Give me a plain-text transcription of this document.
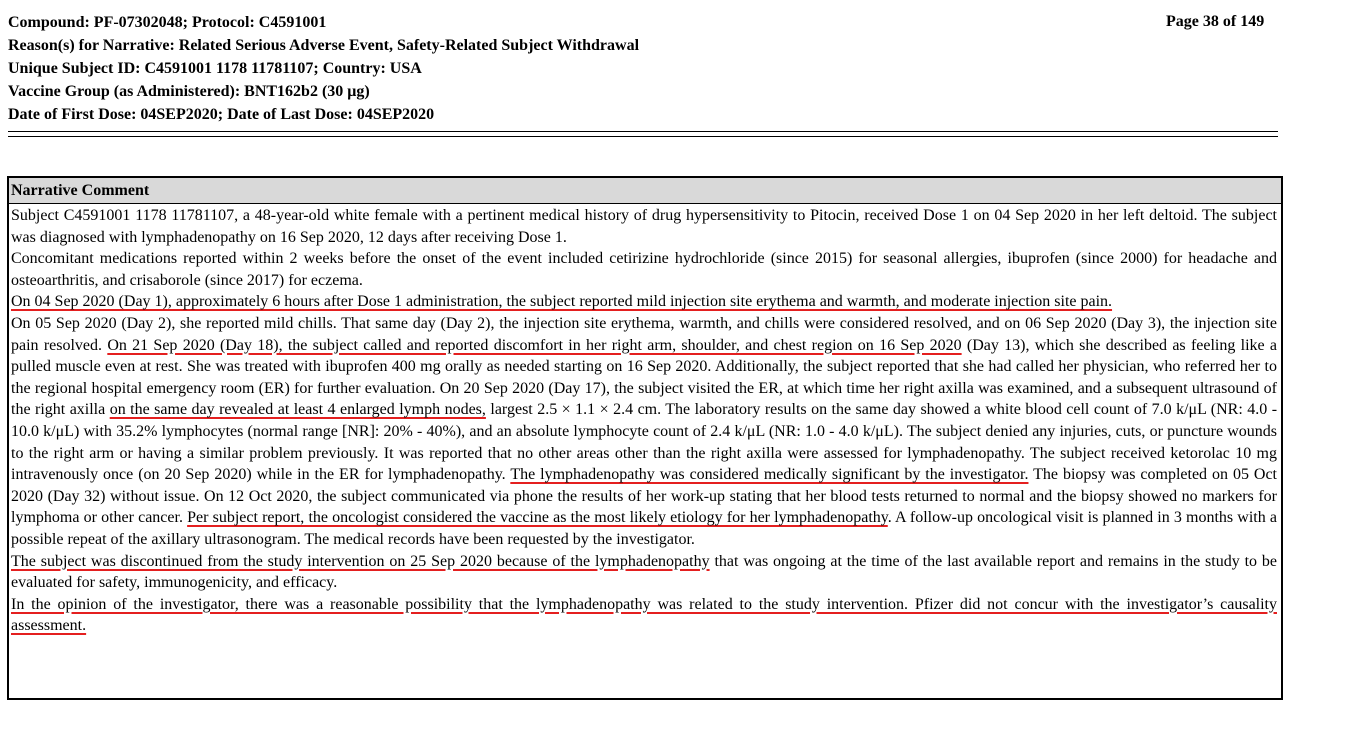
Compound: PF-07302048; Protocol: C4591001	Page 38 of 149
Reason(s) for Narrative: Related Serious Adverse Event, Safety-Related Subject Withdrawal
Unique Subject ID: C4591001 1178 11781107; Country: USA
Vaccine Group (as Administered): BNT162b2 (30 μg)
Date of First Dose: 04SEP2020; Date of Last Dose: 04SEP2020
Narrative Comment

Subject C4591001 1178 11781107, a 48-year-old white female with a pertinent medical history of drug hypersensitivity to Pitocin, received Dose 1 on 04 Sep 2020 in her left deltoid. The subject was diagnosed with lymphadenopathy on 16 Sep 2020, 12 days after receiving Dose 1.

Concomitant medications reported within 2 weeks before the onset of the event included cetirizine hydrochloride (since 2015) for seasonal allergies, ibuprofen (since 2000) for headache and osteoarthritis, and crisaborole (since 2017) for eczema.

On 04 Sep 2020 (Day 1), approximately 6 hours after Dose 1 administration, the subject reported mild injection site erythema and warmth, and moderate injection site pain.

On 05 Sep 2020 (Day 2), she reported mild chills. That same day (Day 2), the injection site erythema, warmth, and chills were considered resolved, and on 06 Sep 2020 (Day 3), the injection site pain resolved. On 21 Sep 2020 (Day 18), the subject called and reported discomfort in her right arm, shoulder, and chest region on 16 Sep 2020 (Day 13), which she described as feeling like a pulled muscle even at rest. She was treated with ibuprofen 400 mg orally as needed starting on 16 Sep 2020. Additionally, the subject reported that she had called her physician, who referred her to the regional hospital emergency room (ER) for further evaluation. On 20 Sep 2020 (Day 17), the subject visited the ER, at which time her right axilla was examined, and a subsequent ultrasound of the right axilla on the same day revealed at least 4 enlarged lymph nodes, largest 2.5 × 1.1 × 2.4 cm. The laboratory results on the same day showed a white blood cell count of 7.0 k/μL (NR: 4.0 - 10.0 k/μL) with 35.2% lymphocytes (normal range [NR]: 20% - 40%), and an absolute lymphocyte count of 2.4 k/μL (NR: 1.0 - 4.0 k/μL). The subject denied any injuries, cuts, or puncture wounds to the right arm or having a similar problem previously. It was reported that no other areas other than the right axilla were assessed for lymphadenopathy. The subject received ketorolac 10 mg intravenously once (on 20 Sep 2020) while in the ER for lymphadenopathy. The lymphadenopathy was considered medically significant by the investigator. The biopsy was completed on 05 Oct 2020 (Day 32) without issue. On 12 Oct 2020, the subject communicated via phone the results of her work-up stating that her blood tests returned to normal and the biopsy showed no markers for lymphoma or other cancer. Per subject report, the oncologist considered the vaccine as the most likely etiology for her lymphadenopathy. A follow-up oncological visit is planned in 3 months with a possible repeat of the axillary ultrasonogram. The medical records have been requested by the investigator.

The subject was discontinued from the study intervention on 25 Sep 2020 because of the lymphadenopathy that was ongoing at the time of the last available report and remains in the study to be evaluated for safety, immunogenicity, and efficacy.

In the opinion of the investigator, there was a reasonable possibility that the lymphadenopathy was related to the study intervention. Pfizer did not concur with the investigator’s causality assessment.
